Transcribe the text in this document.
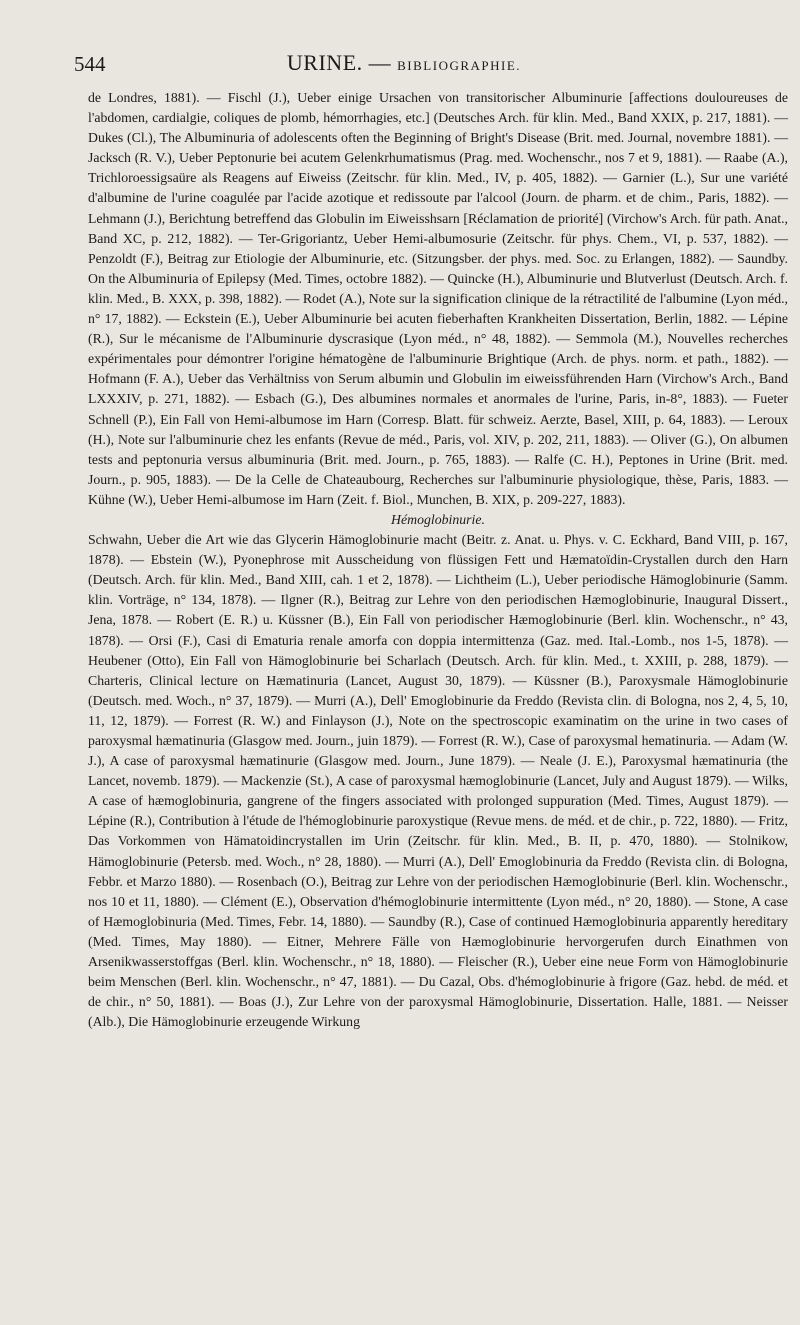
544	URINE. — BIBLIOGRAPHIE.

de Londres, 1881). — Fischl (J.), Ueber einige Ursachen von transitorischer Albuminurie [affections douloureuses de l'abdomen, cardialgie, coliques de plomb, hémorrhagies, etc.] (Deutsches Arch. für klin. Med., Band XXIX, p. 217, 1881). — Dukes (Cl.), The Albuminuria of adolescents often the Beginning of Bright's Disease (Brit. med. Journal, novembre 1881). — Jacksch (R. V.), Ueber Peptonurie bei acutem Gelenkrhumatismus (Prag. med. Wochenschr., nos 7 et 9, 1881). — Raabe (A.), Trichloroessigsaüre als Reagens auf Eiweiss (Zeitschr. für klin. Med., IV, p. 405, 1882). — Garnier (L.), Sur une variété d'albumine de l'urine coagulée par l'acide azotique et redissoute par l'alcool (Journ. de pharm. et de chim., Paris, 1882). — Lehmann (J.), Berichtung betreffend das Globulin im Eiweisshsarn [Réclamation de priorité] (Virchow's Arch. für path. Anat., Band XC, p. 212, 1882). — Ter-Grigoriantz, Ueber Hemi-albumosurie (Zeitschr. für phys. Chem., VI, p. 537, 1882). — Penzoldt (F.), Beitrag zur Etiologie der Albuminurie, etc. (Sitzungsber. der phys. med. Soc. zu Erlangen, 1882). — Saundby. On the Albuminuria of Epilepsy (Med. Times, octobre 1882). — Quincke (H.), Albuminurie und Blutverlust (Deutsch. Arch. f. klin. Med., B. XXX, p. 398, 1882). — Rodet (A.), Note sur la signification clinique de la rétractilité de l'albumine (Lyon méd., n° 17, 1882). — Eckstein (E.), Ueber Albuminurie bei acuten fieberhaften Krankheiten Dissertation, Berlin, 1882. — Lépine (R.), Sur le mécanisme de l'Albuminurie dyscrasique (Lyon méd., n° 48, 1882). — Semmola (M.), Nouvelles recherches expérimentales pour démontrer l'origine hématogène de l'albuminurie Brightique (Arch. de phys. norm. et path., 1882). — Hofmann (F. A.), Ueber das Verhältniss von Serum albumin und Globulin im eiweissführenden Harn (Virchow's Arch., Band LXXXIV, p. 271, 1882). — Esbach (G.), Des albumines normales et anormales de l'urine, Paris, in-8°, 1883). — Fueter Schnell (P.), Ein Fall von Hemi-albumose im Harn (Corresp. Blatt. für schweiz. Aerzte, Basel, XIII, p. 64, 1883). — Leroux (H.), Note sur l'albuminurie chez les enfants (Revue de méd., Paris, vol. XIV, p. 202, 211, 1883). — Oliver (G.), On albumen tests and peptonuria versus albuminuria (Brit. med. Journ., p. 765, 1883). — Ralfe (C. H.), Peptones in Urine (Brit. med. Journ., p. 905, 1883). — De la Celle de Chateaubourg, Recherches sur l'albuminurie physiologique, thèse, Paris, 1883. — Kühne (W.), Ueber Hemi-albumose im Harn (Zeit. f. Biol., Munchen, B. XIX, p. 209-227, 1883).

Hémoglobinurie.

Schwahn, Ueber die Art wie das Glycerin Hämoglobinurie macht (Beitr. z. Anat. u. Phys. v. C. Eckhard, Band VIII, p. 167, 1878). — Ebstein (W.), Pyonephrose mit Ausscheidung von flüssigen Fett und Hæmatoïdin-Crystallen durch den Harn (Deutsch. Arch. für klin. Med., Band XIII, cah. 1 et 2, 1878). — Lichtheim (L.), Ueber periodische Hämoglobinurie (Samm. klin. Vorträge, n° 134, 1878). — Ilgner (R.), Beitrag zur Lehre von den periodischen Hæmoglobinurie, Inaugural Dissert., Jena, 1878. — Robert (E. R.) u. Küssner (B.), Ein Fall von periodischer Hæmoglobinurie (Berl. klin. Wochenschr., n° 43, 1878). — Orsi (F.), Casi di Ematuria renale amorfa con doppia intermittenza (Gaz. med. Ital.-Lomb., nos 1-5, 1878). — Heubener (Otto), Ein Fall von Hämoglobinurie bei Scharlach (Deutsch. Arch. für klin. Med., t. XXIII, p. 288, 1879). — Charteris, Clinical lecture on Hæmatinuria (Lancet, August 30, 1879). — Küssner (B.), Paroxysmale Hämoglobinurie (Deutsch. med. Woch., n° 37, 1879). — Murri (A.), Dell' Emoglobinurie da Freddo (Revista clin. di Bologna, nos 2, 4, 5, 10, 11, 12, 1879). — Forrest (R. W.) and Finlayson (J.), Note on the spectroscopic examinatim on the urine in two cases of paroxysmal hæmatinuria (Glasgow med. Journ., juin 1879). — Forrest (R. W.), Case of paroxysmal hematinuria. — Adam (W. J.), A case of paroxysmal hæmatinurie (Glasgow med. Journ., June 1879). — Neale (J. E.), Paroxysmal hæmatinuria (the Lancet, novemb. 1879). — Mackenzie (St.), A case of paroxysmal hæmoglobinurie (Lancet, July and August 1879). — Wilks, A case of hæmoglobinuria, gangrene of the fingers associated with prolonged suppuration (Med. Times, August 1879). — Lépine (R.), Contribution à l'étude de l'hémoglobinurie paroxystique (Revue mens. de méd. et de chir., p. 722, 1880). — Fritz, Das Vorkommen von Hämatoidincrystallen im Urin (Zeitschr. für klin. Med., B. II, p. 470, 1880). — Stolnikow, Hämoglobinurie (Petersb. med. Woch., n° 28, 1880). — Murri (A.), Dell' Emoglobinuria da Freddo (Revista clin. di Bologna, Febbr. et Marzo 1880). — Rosenbach (O.), Beitrag zur Lehre von der periodischen Hæmoglobinurie (Berl. klin. Wochenschr., nos 10 et 11, 1880). — Clément (E.), Observation d'hémoglobinurie intermittente (Lyon méd., n° 20, 1880). — Stone, A case of Hæmoglobinuria (Med. Times, Febr. 14, 1880). — Saundby (R.), Case of continued Hæmoglobinuria apparently hereditary (Med. Times, May 1880). — Eitner, Mehrere Fälle von Hæmoglobinurie hervorgerufen durch Einathmen von Arsenikwasserstoffgas (Berl. klin. Wochenschr., n° 18, 1880). — Fleischer (R.), Ueber eine neue Form von Hämoglobinurie beim Menschen (Berl. klin. Wochenschr., n° 47, 1881). — Du Cazal, Obs. d'hémoglobinurie à frigore (Gaz. hebd. de méd. et de chir., n° 50, 1881). — Boas (J.), Zur Lehre von der paroxysmal Hämoglobinurie, Dissertation. Halle, 1881. — Neisser (Alb.), Die Hämoglobinurie erzeugende Wirkung
